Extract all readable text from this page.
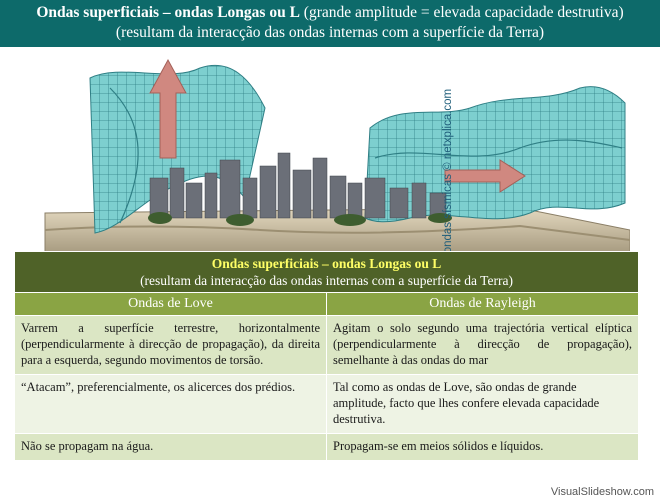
Ondas superficiais – ondas Longas ou L (grande amplitude = elevada capacidade destrutiva)
(resultam da interacção das ondas internas com a superfície da Terra)
Ondas superficiais – ondas Longas ou L
(resultam da interacção das ondas internas com a superfície da Terra)	

Ondas de Love	Ondas de Rayleigh
Varrem a superfície terrestre, horizontalmente (perpendicularmente à direcção de propagação), da direita para a esquerda, segundo movimentos de torsão.	Agitam o solo segundo uma trajectória vertical elíptica (perpendicularmente à direcção de propagação), semelhante à das ondas do mar
“Atacam”, preferencialmente, os alicerces dos prédios.	Tal como as ondas de Love, são ondas de grande amplitude, facto que lhes confere elevada capacidade destrutiva.
Não se propagam na água.	Propagam-se em meios sólidos e líquidos.
VisualSlideshow.com
